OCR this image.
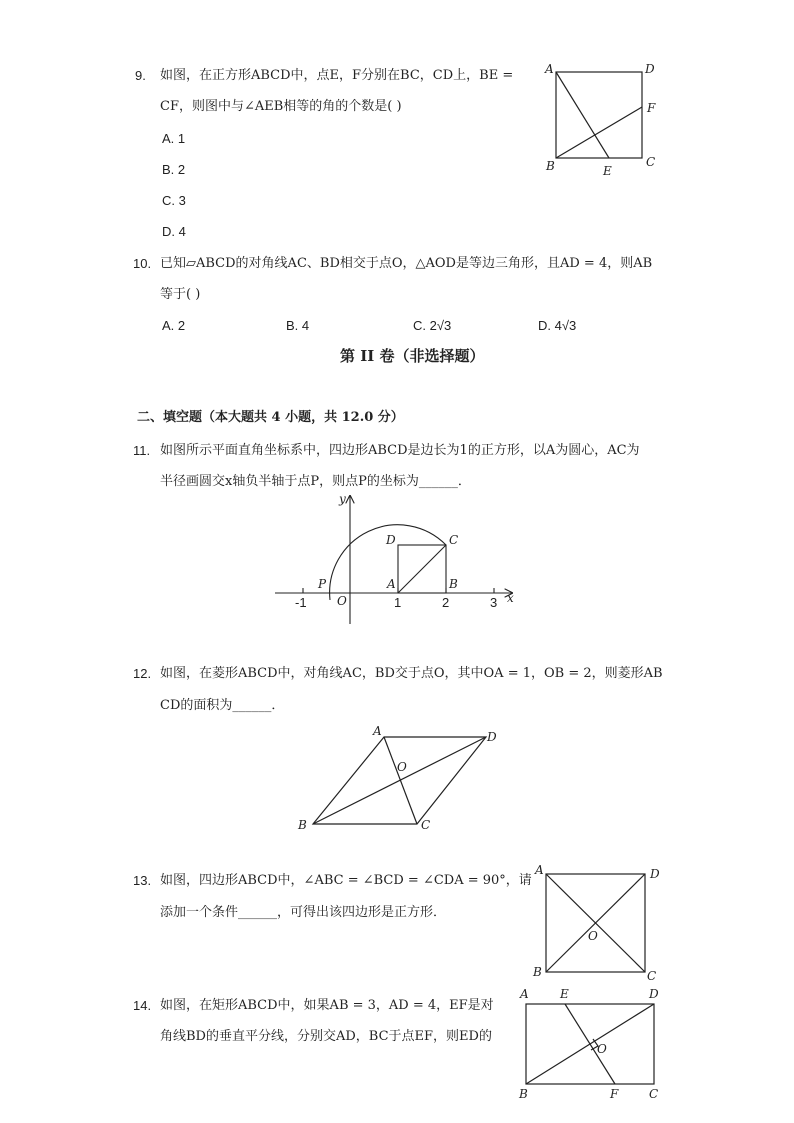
9. 如图，在正方形ABCD中，点E，F分别在BC，CD上，BE =
CF，则图中与∠AEB相等的角的个数是( )
A. 1
B. 2
C. 3
D. 4
10. 已知▱ABCD的对角线AC、BD相交于点O，△AOD是等边三角形，且AD = 4，则AB
等于( )
A. 2	B. 4	C. 2√3	D. 4√3
第 II 卷（非选择题）
二、填空题（本大题共 4 小题，共 12.0 分）
11. 如图所示平面直角坐标系中，四边形ABCD是边长为1的正方形，以A为圆心，AC为
半径画圆交x轴负半轴于点P，则点P的坐标为______．
12. 如图，在菱形ABCD中，对角线AC，BD交于点O，其中OA = 1，OB = 2，则菱形AB
CD的面积为______．
13. 如图，四边形ABCD中，∠ABC = ∠BCD = ∠CDA = 90°，请
添加一个条件______，可得出该四边形是正方形．
14. 如图，在矩形ABCD中，如果AB = 3，AD = 4，EF是对
角线BD的垂直平分线，分别交AD，BC于点EF，则ED的
A	D
F
B	E
C
y
x
P
O
A	B
C
D
-1	1	2	3
A	D
O
B	C
A	D
O
B	C
A	E	D
O
B	F	C
